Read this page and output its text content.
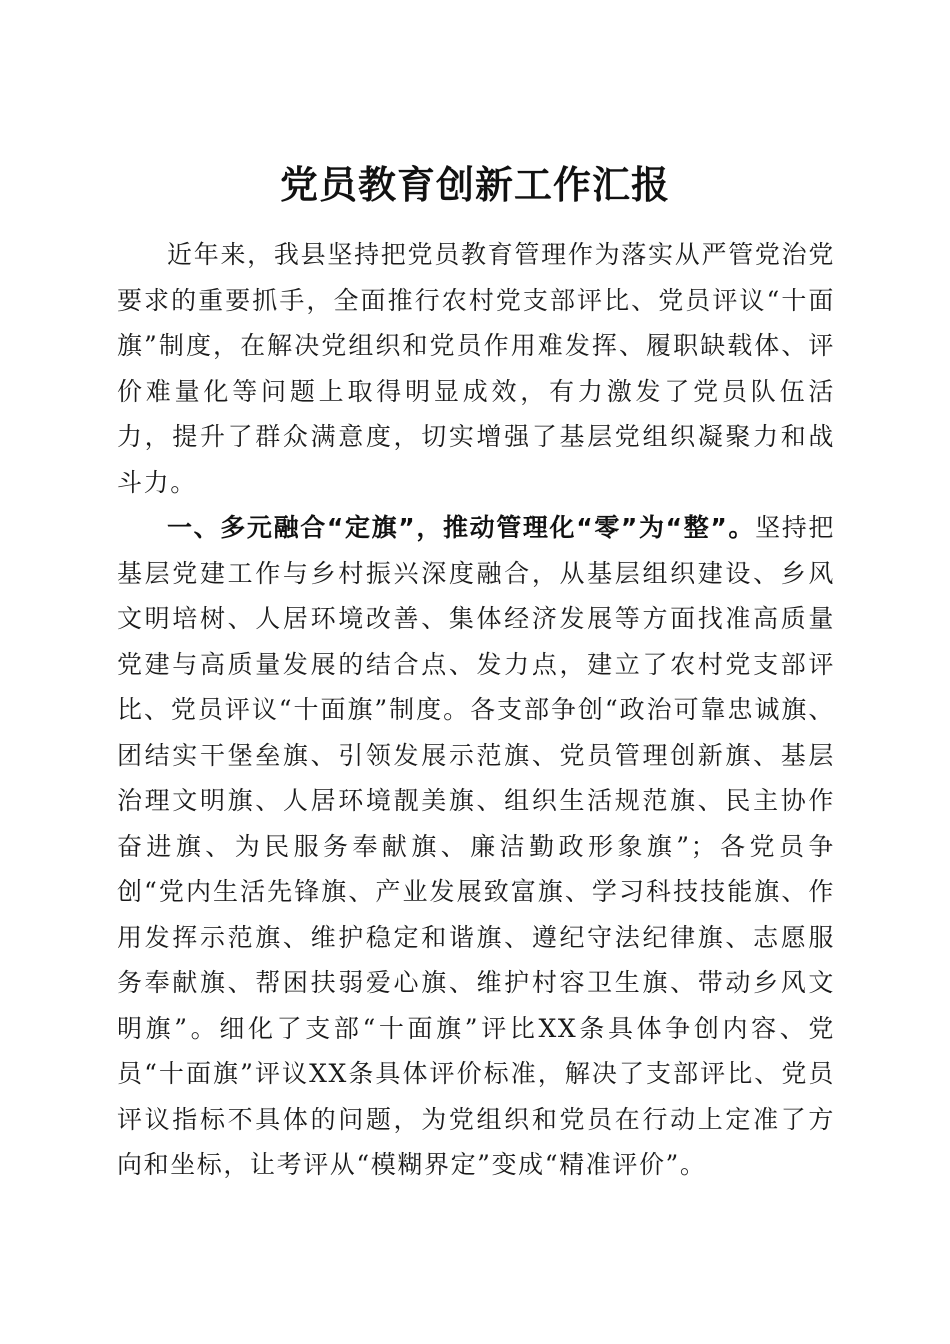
党员教育创新工作汇报

近年来，我县坚持把党员教育管理作为落实从严管党治党要求的重要抓手，全面推行农村党支部评比、党员评议“十面旗”制度，在解决党组织和党员作用难发挥、履职缺载体、评价难量化等问题上取得明显成效，有力激发了党员队伍活力，提升了群众满意度，切实增强了基层党组织凝聚力和战斗力。

一、多元融合“定旗”，推动管理化“零”为“整”。坚持把基层党建工作与乡村振兴深度融合，从基层组织建设、乡风文明培树、人居环境改善、集体经济发展等方面找准高质量党建与高质量发展的结合点、发力点，建立了农村党支部评比、党员评议“十面旗”制度。各支部争创“政治可靠忠诚旗、团结实干堡垒旗、引领发展示范旗、党员管理创新旗、基层治理文明旗、人居环境靓美旗、组织生活规范旗、民主协作奋进旗、为民服务奉献旗、廉洁勤政形象旗”；各党员争创“党内生活先锋旗、产业发展致富旗、学习科技技能旗、作用发挥示范旗、维护稳定和谐旗、遵纪守法纪律旗、志愿服务奉献旗、帮困扶弱爱心旗、维护村容卫生旗、带动乡风文明旗”。细化了支部“十面旗”评比XX条具体争创内容、党员“十面旗”评议XX条具体评价标准，解决了支部评比、党员评议指标不具体的问题，为党组织和党员在行动上定准了方向和坐标，让考评从“模糊界定”变成“精准评价”。
